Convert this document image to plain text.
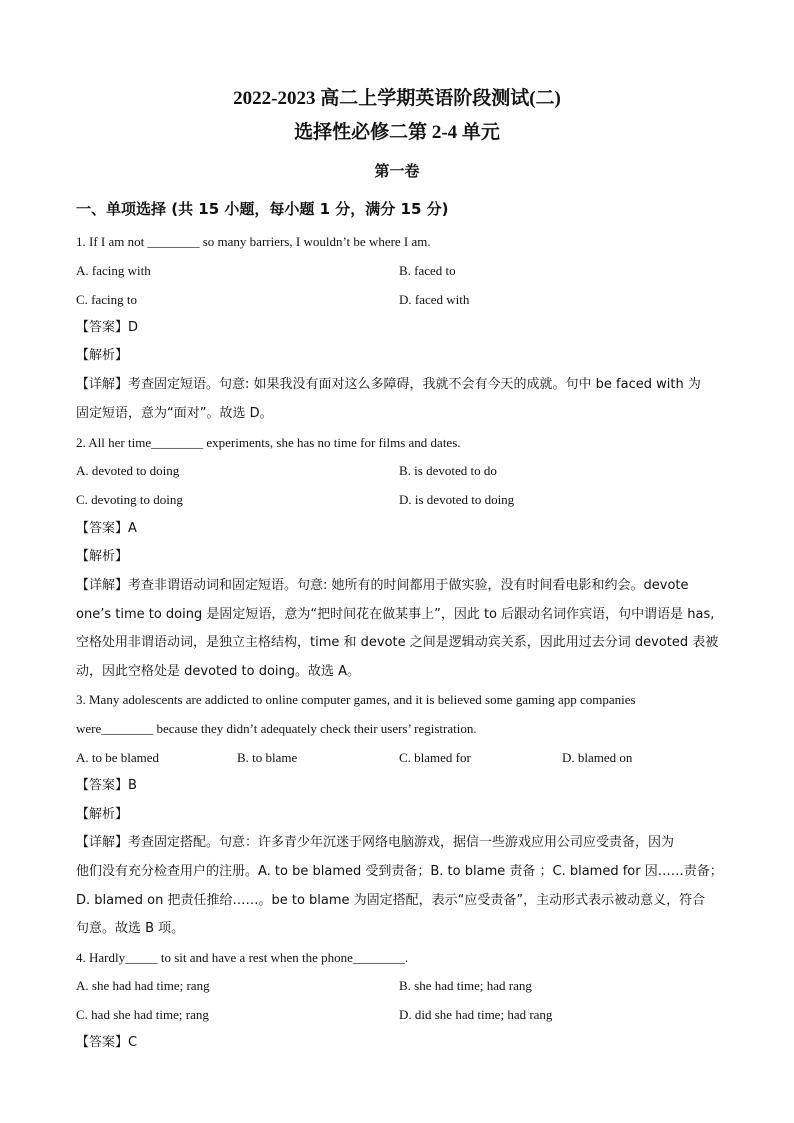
2022-2023 高二上学期英语阶段测试(二)
选择性必修二第 2-4 单元
第一卷
一、单项选择 (共 15 小题，每小题 1 分，满分 15 分)
1. If I am not ________ so many barriers, I wouldn’t be where I am.
A. facing with	B. faced to
C. facing to	D. faced with
【答案】D
【解析】
【详解】考查固定短语。句意: 如果我没有面对这么多障碍，我就不会有今天的成就。句中 be faced with 为
固定短语，意为“面对”。故选 D。
2. All her time________ experiments, she has no time for films and dates.
A. devoted to doing	B. is devoted to do
C. devoting to doing	D. is devoted to doing
【答案】A
【解析】
【详解】考查非谓语动词和固定短语。句意: 她所有的时间都用于做实验，没有时间看电影和约会。devote
one’s time to doing 是固定短语，意为“把时间花在做某事上”，因此 to 后跟动名词作宾语，句中谓语是 has,
空格处用非谓语动词，是独立主格结构，time 和 devote 之间是逻辑动宾关系，因此用过去分词 devoted 表被
动，因此空格处是 devoted to doing。故选 A。
3. Many adolescents are addicted to online computer games, and it is believed some gaming app companies
were________ because they didn’t adequately check their users’ registration.
A. to be blamed	B. to blame	C. blamed for	D. blamed on
【答案】B
【解析】
【详解】考查固定搭配。句意：许多青少年沉迷于网络电脑游戏，据信一些游戏应用公司应受责备，因为
他们没有充分检查用户的注册。A. to be blamed 受到责备；B. to blame 责备 ；C. blamed for 因……责备；
D. blamed on 把责任推给……。be to blame 为固定搭配，表示“应受责备”，主动形式表示被动意义，符合
句意。故选 B 项。
4. Hardly_____ to sit and have a rest when the phone________.
A. she had had time; rang	B. she had time; had rang
C. had she had time; rang	D. did she had time; had rang
【答案】C
